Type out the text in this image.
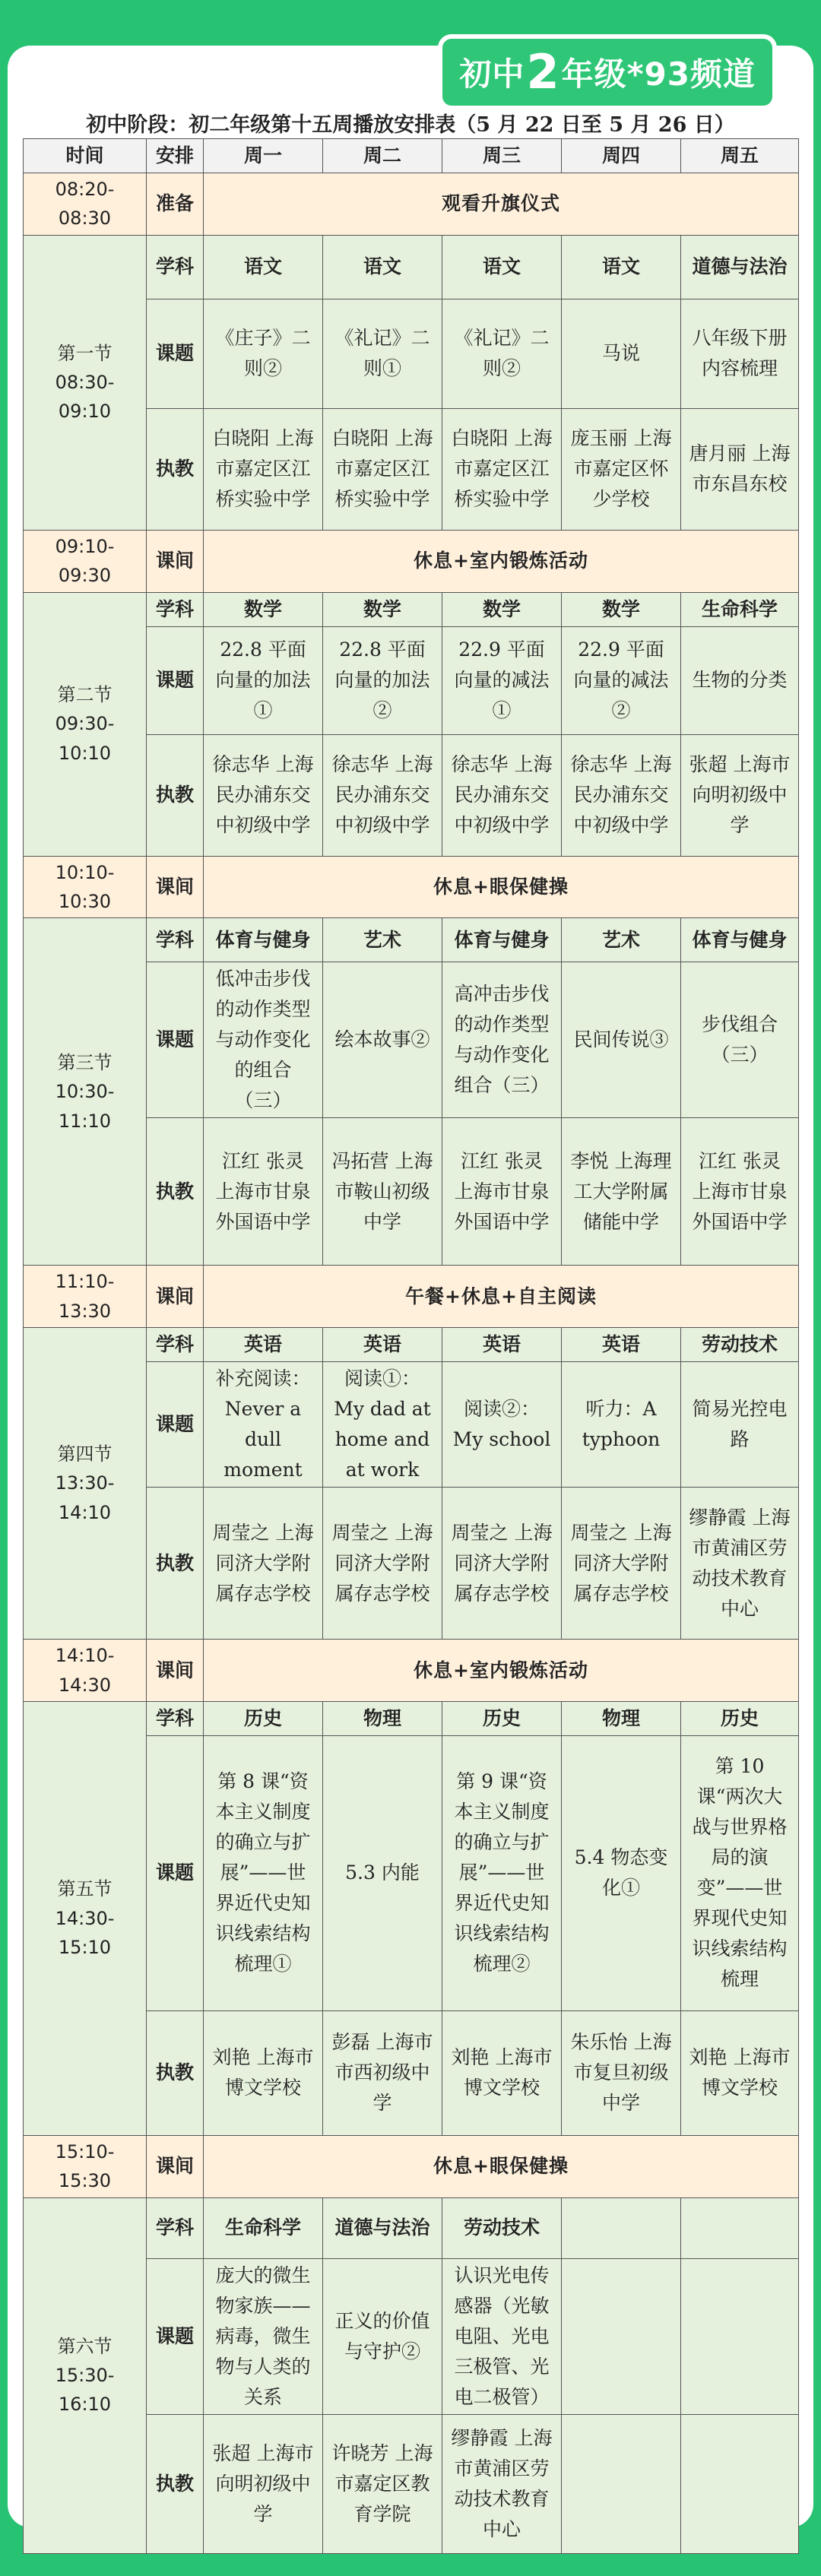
初中 2 年级*93频道
初中阶段：初二年级第十五周播放安排表（5 月 22 日至 5 月 26 日）
时间	安排	周一	周二	周三	周四	周五
08:20-08:30	准备	观看升旗仪式				

第一节
08:30-09:10	学科	语文	语文	语文	语文	道德与法治
	课题	《庄子》二则②	《礼记》二则①	《礼记》二则②	马说	八年级下册内容梳理
	执教	白晓阳 上海市嘉定区江桥实验中学	白晓阳 上海市嘉定区江桥实验中学	白晓阳 上海市嘉定区江桥实验中学	庞玉丽 上海市嘉定区怀少学校	唐月丽 上海市东昌东校
09:10-09:30	课间	休息+室内锻炼活动				

第二节
09:30-10:10	学科	数学	数学	数学	数学	生命科学
	课题	22.8 平面向量的加法①	22.8 平面向量的加法②	22.9 平面向量的减法①	22.9 平面向量的减法②	生物的分类
	执教	徐志华 上海民办浦东交中初级中学	徐志华 上海民办浦东交中初级中学	徐志华 上海民办浦东交中初级中学	徐志华 上海民办浦东交中初级中学	张超 上海市向明初级中学
10:10-10:30	课间	休息+眼保健操				

第三节
10:30-11:10	学科	体育与健身	艺术	体育与健身	艺术	体育与健身
	课题	低冲击步伐的动作类型与动作变化的组合（三）	绘本故事②	高冲击步伐的动作类型与动作变化组合（三）	民间传说③	步伐组合（三）
	执教	江红 张灵 上海市甘泉外国语中学	冯拓营 上海市鞍山初级中学	江红 张灵 上海市甘泉外国语中学	李悦 上海理工大学附属储能中学	江红 张灵 上海市甘泉外国语中学
11:10-13:30	课间	午餐+休息+自主阅读				

第四节
13:30-14:10	学科	英语	英语	英语	英语	劳动技术
	课题	补充阅读：Never a dull moment	阅读①：My dad at home and at work	阅读②：My school	听力：A typhoon	简易光控电路
	执教	周莹之 上海同济大学附属存志学校	周莹之 上海同济大学附属存志学校	周莹之 上海同济大学附属存志学校	周莹之 上海同济大学附属存志学校	缪静霞 上海市黄浦区劳动技术教育中心
14:10-14:30	课间	休息+室内锻炼活动				

第五节
14:30-15:10	学科	历史	物理	历史	物理	历史
	课题	第 8 课“资本主义制度的确立与扩展”——世界近代史知识线索结构梳理①	5.3 内能	第 9 课“资本主义制度的确立与扩展”——世界近代史知识线索结构梳理②	5.4 物态变化①	第 10 课“两次大战与世界格局的演变”——世界现代史知识线索结构梳理
	执教	刘艳 上海市博文学校	彭磊 上海市市西初级中学	刘艳 上海市博文学校	朱乐怡 上海市复旦初级中学	刘艳 上海市博文学校
15:10-15:30	课间	休息+眼保健操				

第六节
15:30-16:10	学科	生命科学	道德与法治	劳动技术		
	课题	庞大的微生物家族——病毒，微生物与人类的关系	正义的价值与守护②	认识光电传感器（光敏电阻、光电三极管、光电二极管）		
	执教	张超 上海市向明初级中学	许晓芳 上海市嘉定区教育学院	缪静霞 上海市黄浦区劳动技术教育中心		
